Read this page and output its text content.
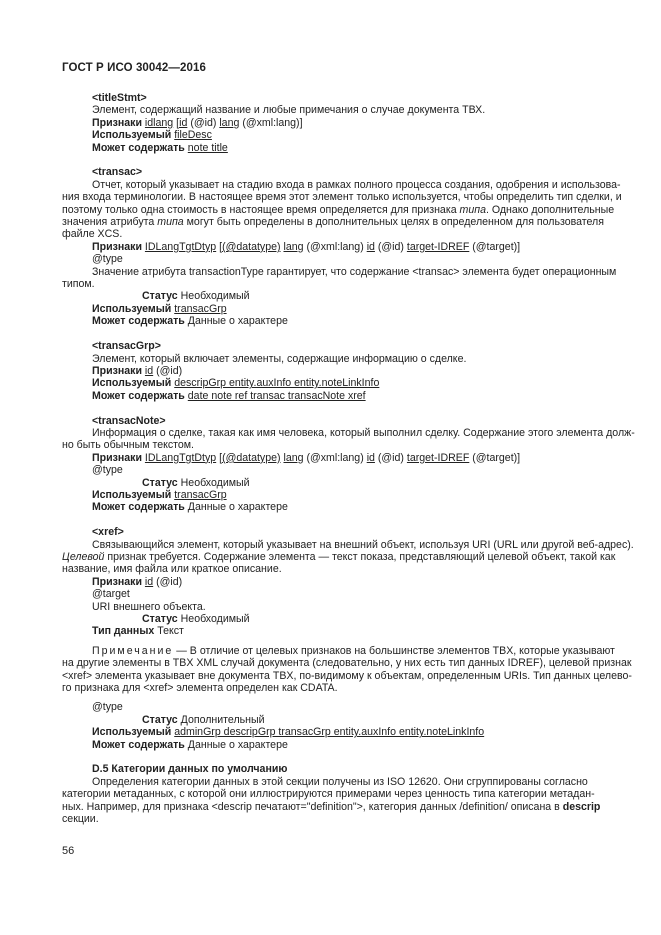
ГОСТ Р ИСО 30042—2016
<titleStmt>
Элемент, содержащий название и любые примечания о случае документа ТВХ.
Признаки idlang [id (@id) lang (@xml:lang)]
Используемый fileDesc
Может содержать note title
<transac>
Отчет, который указывает на стадию входа в рамках полного процесса создания, одобрения и использова-
ния входа терминологии. В настоящее время этот элемент только используется, чтобы определить тип сделки, и
поэтому только одна стоимость в настоящее время определяется для признака типа. Однако дополнительные
значения атрибута типа могут быть определены в дополнительных целях в определенном для пользователя
файле XCS.
Признаки IDLangTgtDtyp [(@datatype) lang (@xml:lang) id (@id) target-IDREF (@target)]
@type
Значение атрибута transactionType гарантирует, что содержание <transac> элемента будет операционным
типом.
Статус Необходимый
Используемый transacGrp
Может содержать Данные о характере
<transacGrp>
Элемент, который включает элементы, содержащие информацию о сделке.
Признаки id (@id)
Используемый descripGrp entity.auxInfo entity.noteLinkInfo
Может содержать date note ref transac transacNote xref
<transacNote>
Информация о сделке, такая как имя человека, который выполнил сделку. Содержание этого элемента долж-
но быть обычным текстом.
Признаки IDLangTgtDtyp [(@datatype) lang (@xml:lang) id (@id) target-IDREF (@target)]
@type
Статус Необходимый
Используемый transacGrp
Может содержать Данные о характере
<xref>
Связывающийся элемент, который указывает на внешний объект, используя URI (URL или другой веб-адрес).
Целевой признак требуется. Содержание элемента — текст показа, представляющий целевой объект, такой как
название, имя файла или краткое описание.
Признаки id (@id)
@target
URI внешнего объекта.
Статус Необходимый
Тип данных Текст
Примечание — В отличие от целевых признаков на большинстве элементов TBX, которые указывают
на другие элементы в TBX XML случай документа (следовательно, у них есть тип данных IDREF), целевой признак
<xref> элемента указывает вне документа TBX, по-видимому к объектам, определенным URIs. Тип данных целево-
го признака для <xref> элемента определен как CDATA.
@type
Статус Дополнительный
Используемый adminGrp descripGrp transacGrp entity.auxInfo entity.noteLinkInfo
Может содержать Данные о характере
D.5 Категории данных по умолчанию
Определения категории данных в этой секции получены из ISO 12620. Они сгруппированы согласно
категории метаданных, с которой они иллюстрируются примерами через ценность типа категории метадан-
ных. Например, для признака <descrip печатают="definition">, категория данных /definition/ описана в descrip
секции.
56
